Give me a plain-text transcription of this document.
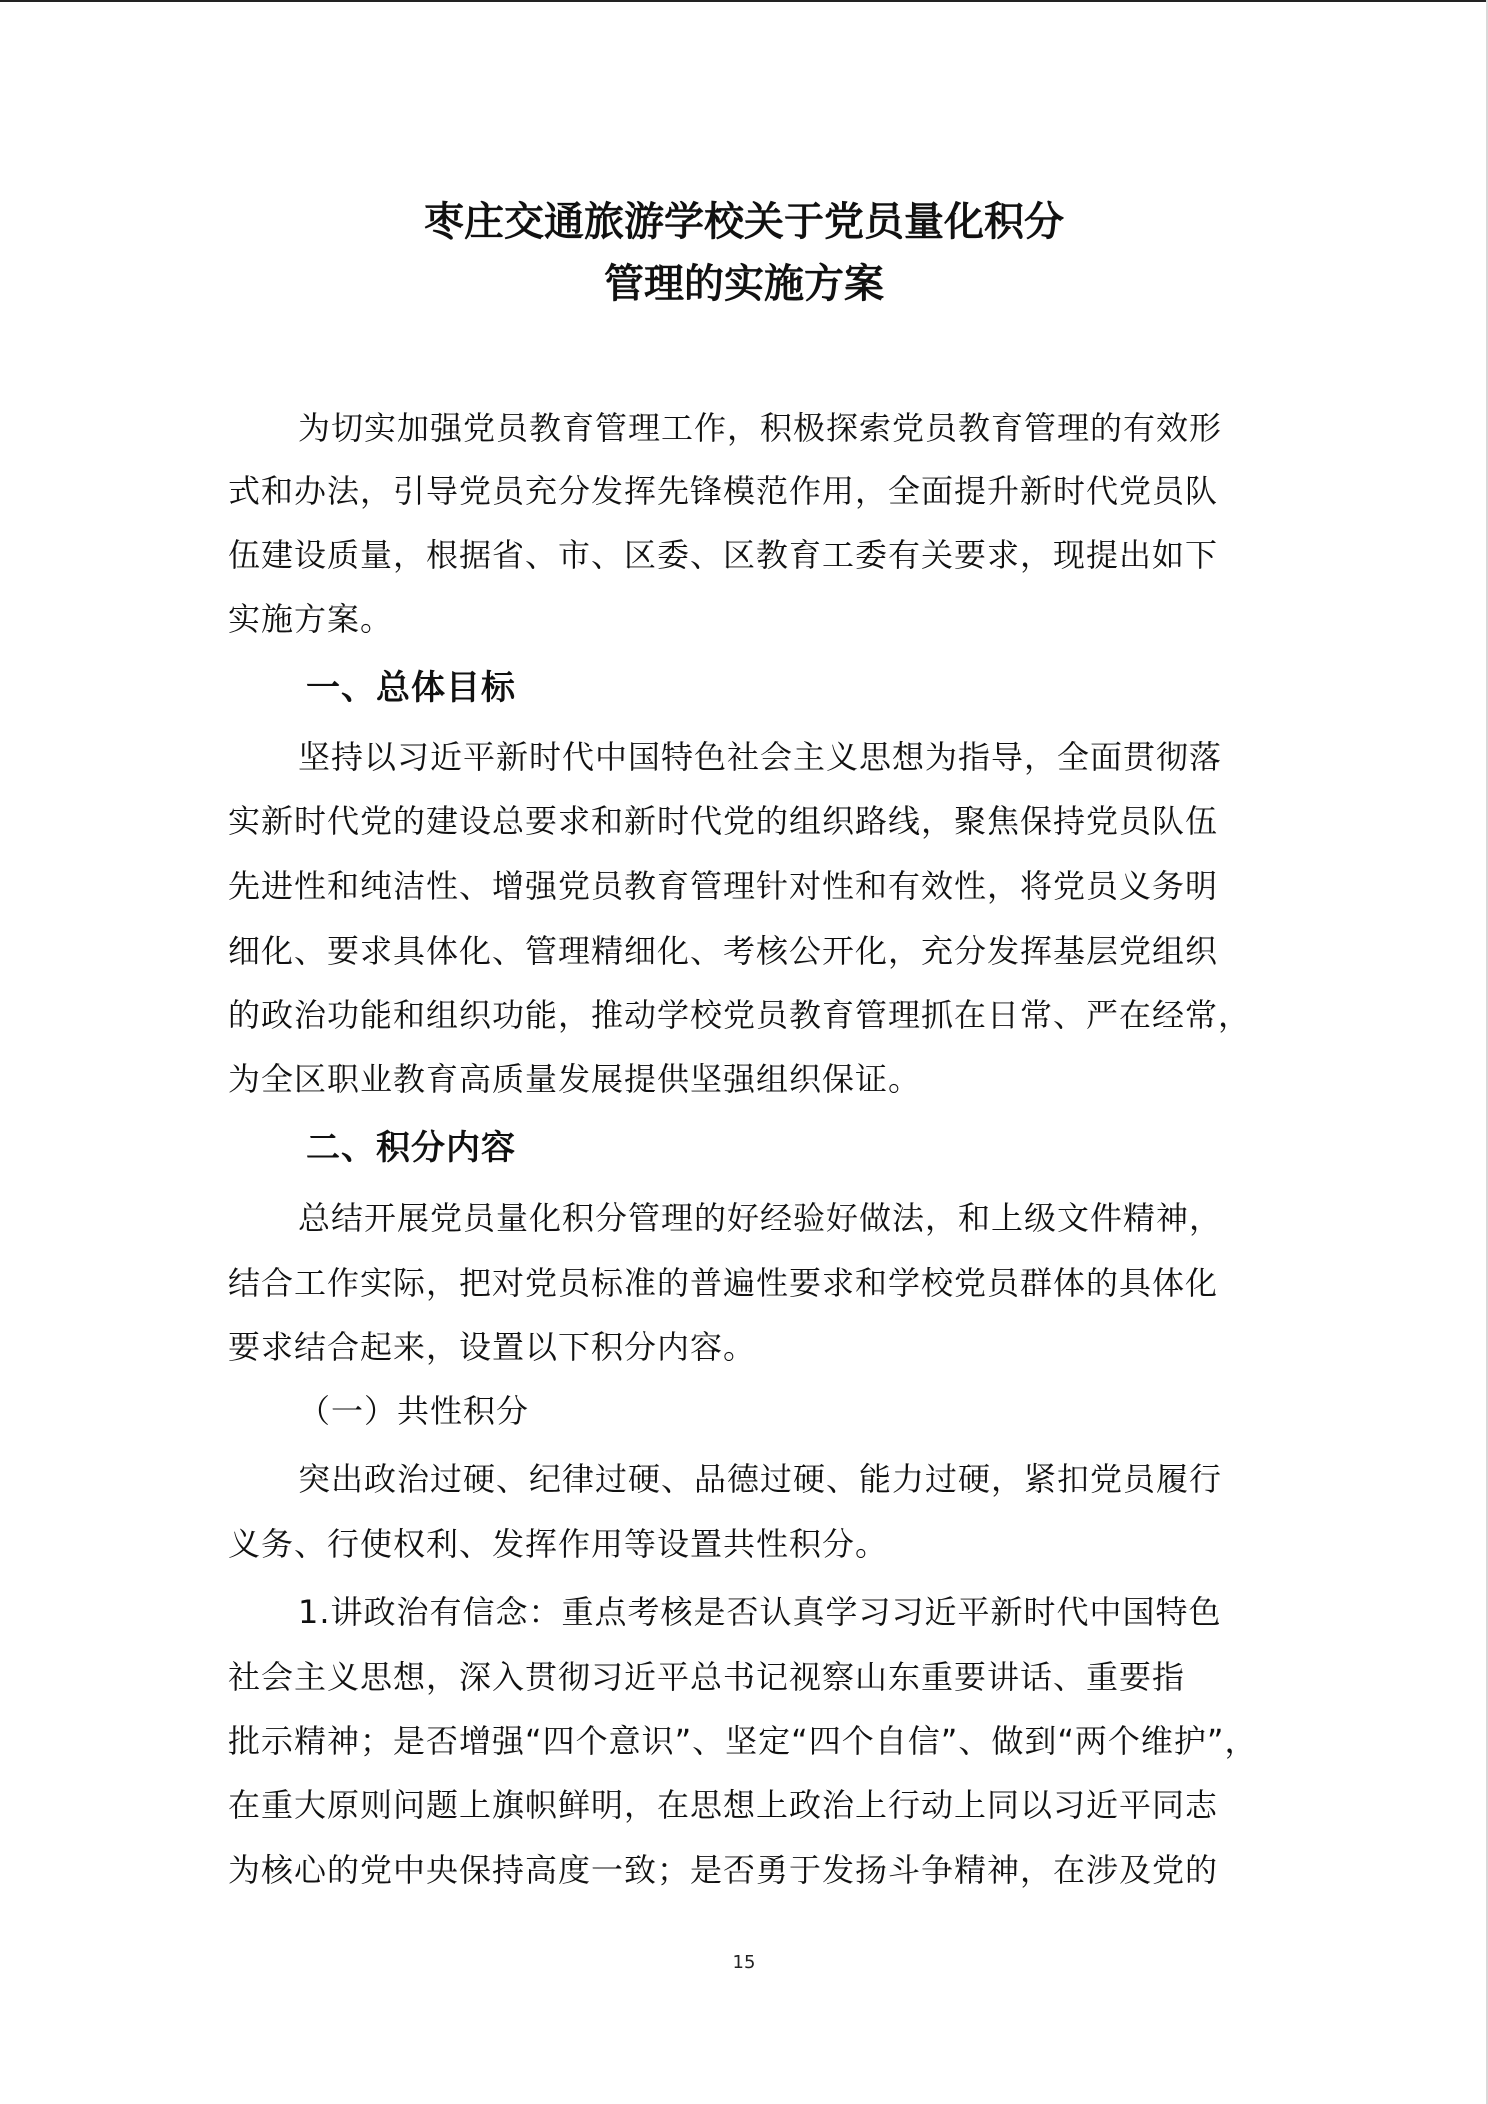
枣庄交通旅游学校关于党员量化积分
管理的实施方案
为切实加强党员教育管理工作，积极探索党员教育管理的有效形
式和办法，引导党员充分发挥先锋模范作用，全面提升新时代党员队
伍建设质量，根据省、市、区委、区教育工委有关要求，现提出如下
实施方案。
一、总体目标
坚持以习近平新时代中国特色社会主义思想为指导，全面贯彻落
实新时代党的建设总要求和新时代党的组织路线，聚焦保持党员队伍
先进性和纯洁性、增强党员教育管理针对性和有效性，将党员义务明
细化、要求具体化、管理精细化、考核公开化，充分发挥基层党组织
的政治功能和组织功能，推动学校党员教育管理抓在日常、严在经常，
为全区职业教育高质量发展提供坚强组织保证。
二、积分内容
总结开展党员量化积分管理的好经验好做法，和上级文件精神，
结合工作实际，把对党员标准的普遍性要求和学校党员群体的具体化
要求结合起来，设置以下积分内容。
（一）共性积分
突出政治过硬、纪律过硬、品德过硬、能力过硬，紧扣党员履行
义务、行使权利、发挥作用等设置共性积分。
1.讲政治有信念：重点考核是否认真学习习近平新时代中国特色
社会主义思想，深入贯彻习近平总书记视察山东重要讲话、重要指
批示精神；是否增强“四个意识”、坚定“四个自信”、做到“两个维护”，
在重大原则问题上旗帜鲜明，在思想上政治上行动上同以习近平同志
为核心的党中央保持高度一致；是否勇于发扬斗争精神，在涉及党的
15
